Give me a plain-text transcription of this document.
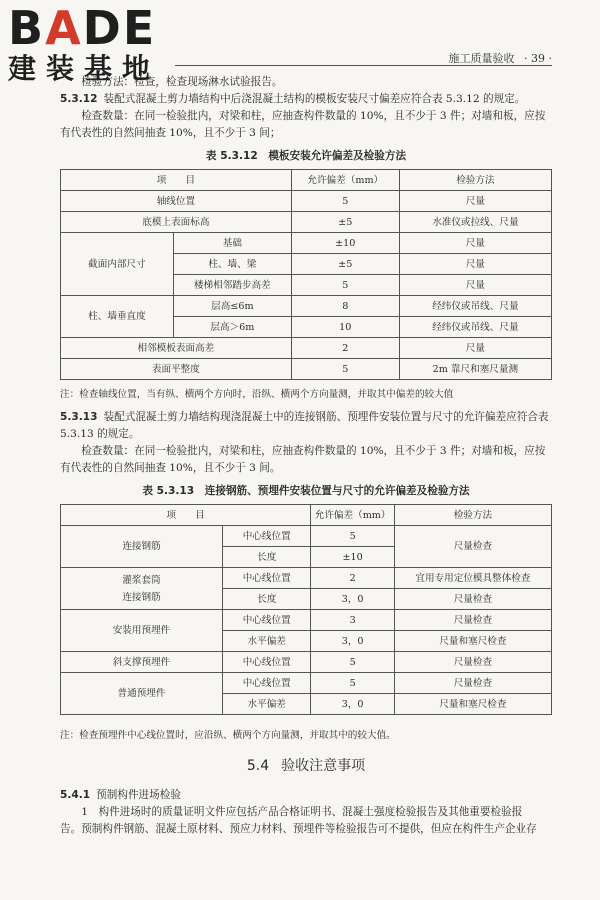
BADE
建装基地	施工质量验收 · 39 ·

检验方法：检查，检查现场淋水试验报告。

5.3.12 装配式混凝土剪力墙结构中后浇混凝土结构的模板安装尺寸偏差应符合表 5.3.12 的规定。

检查数量：在同一检验批内，对梁和柱，应抽查构件数量的 10%，且不少于 3 件；对墙和板，应按有代表性的自然间抽查 10%，且不少于 3 间；

表 5.3.12　模板安装允许偏差及检验方法
项　　目		允许偏差（mm）	检验方法
轴线位置		5	尺量
底模上表面标高		±5	水准仪或拉线、尺量
截面内部尺寸	基础	±10	尺量
	柱、墙、梁	±5	尺量
	楼梯相邻踏步高差	5	尺量
柱、墙垂直度	层高≤6m	8	经纬仪或吊线、尺量
	层高＞6m	10	经纬仪或吊线、尺量
相邻模板表面高差		2	尺量
表面平整度		5	2m 靠尺和塞尺量测
注：检查轴线位置，当有纵、横两个方向时，沿纵、横两个方向量测，并取其中偏差的较大值

5.3.13 装配式混凝土剪力墙结构现浇混凝土中的连接钢筋、预埋件安装位置与尺寸的允许偏差应符合表 5.3.13 的规定。

检查数量：在同一检验批内，对梁和柱，应抽查构件数量的 10%，且不少于 3 件；对墙和板，应按有代表性的自然间抽查 10%，且不少于 3 间。

表 5.3.13　连接钢筋、预埋件安装位置与尺寸的允许偏差及检验方法
项　　目		允许偏差（mm）	检验方法
连接钢筋	中心线位置	5	尺量检查
	长度	±10	

灌浆套筒
连接钢筋	中心线位置	2	宜用专用定位模具整体检查
	长度	3，0	尺量检查
安装用预埋件	中心线位置	3	尺量检查
	水平偏差	3，0	尺量和塞尺检查
斜支撑预埋件	中心线位置	5	尺量检查
普通预埋件	中心线位置	5	尺量检查
	水平偏差	3，0	尺量和塞尺检查
注：检查预埋件中心线位置时，应沿纵、横两个方向量测，并取其中的较大值。
5.4 验收注意事项

5.4.1 预制构件进场检验

1　构件进场时的质量证明文件应包括产品合格证明书、混凝土强度检验报告及其他重要检验报

告。预制构件钢筋、混凝土原材料、预应力材料、预埋件等检验报告可不提供，但应在构件生产企业存
